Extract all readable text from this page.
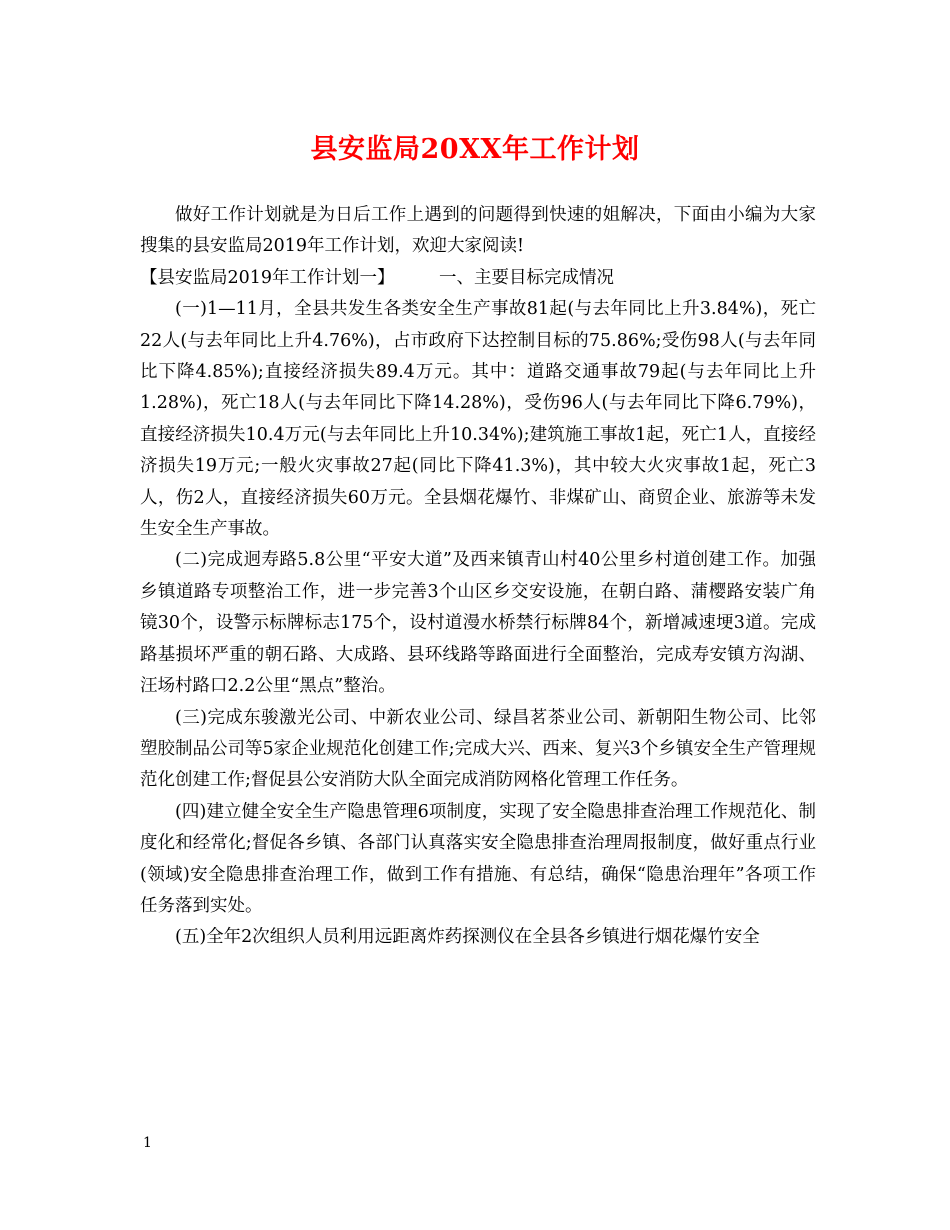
县安监局20XX年工作计划

做好工作计划就是为日后工作上遇到的问题得到快速的姐解决，下面由小编为大家搜集的县安监局2019年工作计划，欢迎大家阅读!

【县安监局2019年工作计划一】        一、主要目标完成情况

(一)1—11月，全县共发生各类安全生产事故81起(与去年同比上升3.84%)，死亡22人(与去年同比上升4.76%)，占市政府下达控制目标的75.86%;受伤98人(与去年同比下降4.85%);直接经济损失89.4万元。其中：道路交通事故79起(与去年同比上升1.28%)，死亡18人(与去年同比下降14.28%)，受伤96人(与去年同比下降6.79%)，直接经济损失10.4万元(与去年同比上升10.34%);建筑施工事故1起，死亡1人，直接经济损失19万元;一般火灾事故27起(同比下降41.3%)，其中较大火灾事故1起，死亡3人，伤2人，直接经济损失60万元。全县烟花爆竹、非煤矿山、商贸企业、旅游等未发生安全生产事故。

(二)完成迥寿路5.8公里“平安大道”及西来镇青山村40公里乡村道创建工作。加强乡镇道路专项整治工作，进一步完善3个山区乡交安设施，在朝白路、蒲樱路安装广角镜30个，设警示标牌标志175个，设村道漫水桥禁行标牌84个，新增减速埂3道。完成路基损坏严重的朝石路、大成路、县环线路等路面进行全面整治，完成寿安镇方沟湖、汪场村路口2.2公里“黑点”整治。

(三)完成东骏激光公司、中新农业公司、绿昌茗茶业公司、新朝阳生物公司、比邻塑胶制品公司等5家企业规范化创建工作;完成大兴、西来、复兴3个乡镇安全生产管理规范化创建工作;督促县公安消防大队全面完成消防网格化管理工作任务。

(四)建立健全安全生产隐患管理6项制度，实现了安全隐患排查治理工作规范化、制度化和经常化;督促各乡镇、各部门认真落实安全隐患排查治理周报制度，做好重点行业(领域)安全隐患排查治理工作，做到工作有措施、有总结，确保“隐患治理年”各项工作任务落到实处。

(五)全年2次组织人员利用远距离炸药探测仪在全县各乡镇进行烟花爆竹安全

1
